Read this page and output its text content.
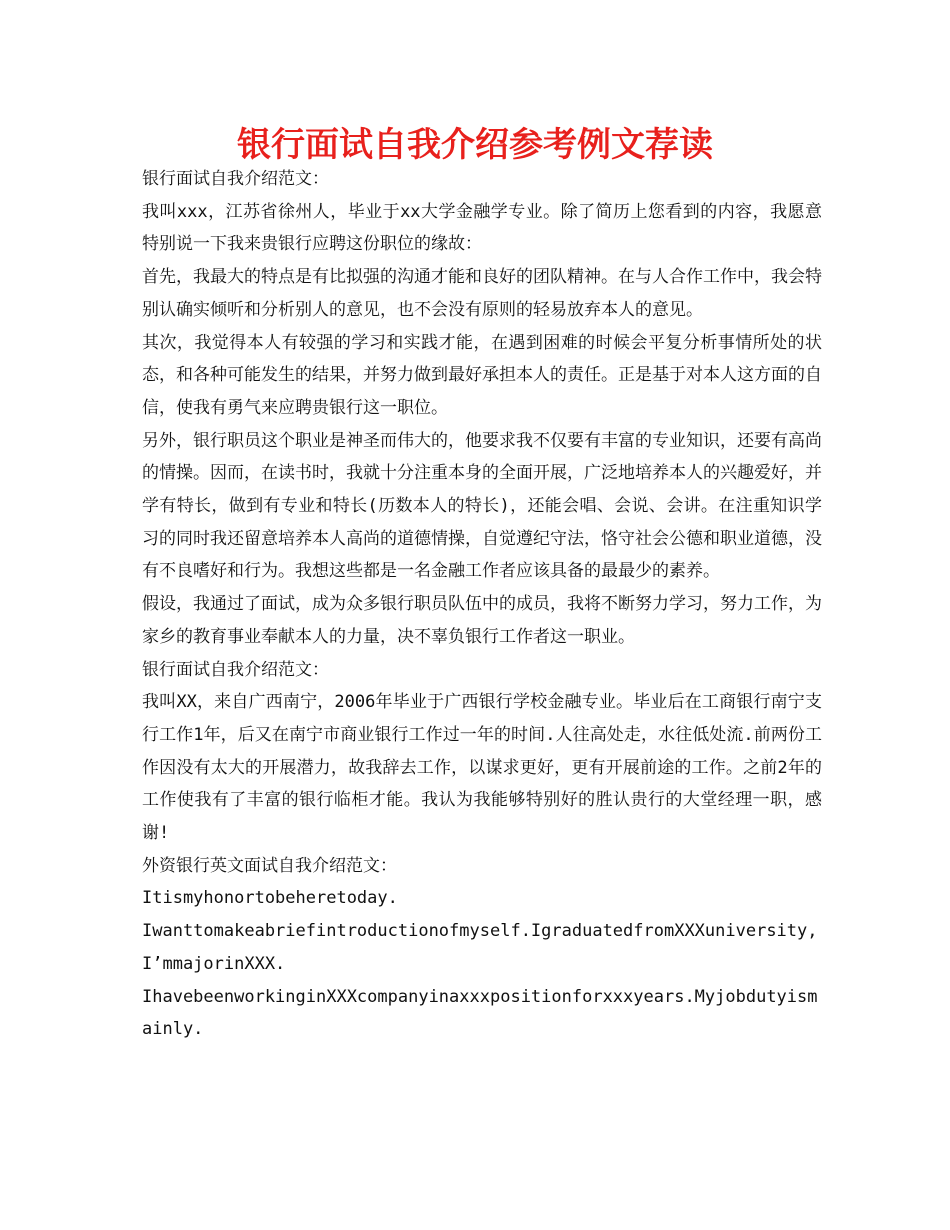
银行面试自我介绍参考例文荐读

银行面试自我介绍范文：

我叫xxx，江苏省徐州人，毕业于xx大学金融学专业。除了简历上您看到的内容，我愿意特别说一下我来贵银行应聘这份职位的缘故：

首先，我最大的特点是有比拟强的沟通才能和良好的团队精神。在与人合作工作中，我会特别认确实倾听和分析别人的意见，也不会没有原则的轻易放弃本人的意见。

其次，我觉得本人有较强的学习和实践才能，在遇到困难的时候会平复分析事情所处的状态，和各种可能发生的结果，并努力做到最好承担本人的责任。正是基于对本人这方面的自信，使我有勇气来应聘贵银行这一职位。

另外，银行职员这个职业是神圣而伟大的，他要求我不仅要有丰富的专业知识，还要有高尚的情操。因而，在读书时，我就十分注重本身的全面开展，广泛地培养本人的兴趣爱好，并学有特长，做到有专业和特长(历数本人的特长)，还能会唱、会说、会讲。在注重知识学习的同时我还留意培养本人高尚的道德情操，自觉遵纪守法，恪守社会公德和职业道德，没有不良嗜好和行为。我想这些都是一名金融工作者应该具备的最最少的素养。

假设，我通过了面试，成为众多银行职员队伍中的成员，我将不断努力学习，努力工作，为家乡的教育事业奉献本人的力量，决不辜负银行工作者这一职业。

银行面试自我介绍范文：

我叫XX，来自广西南宁，2006年毕业于广西银行学校金融专业。毕业后在工商银行南宁支行工作1年，后又在南宁市商业银行工作过一年的时间.人往高处走，水往低处流.前两份工作因没有太大的开展潜力，故我辞去工作，以谋求更好，更有开展前途的工作。之前2年的工作使我有了丰富的银行临柜才能。我认为我能够特别好的胜认贵行的大堂经理一职，感谢!

外资银行英文面试自我介绍范文：

Itismyhonortobeheretoday.

Iwanttomakeabriefintroductionofmyself.IgraduatedfromXXXuniversity,I’mmajorinXXX.

IhavebeenworkinginXXXcompanyinaxxxpositionforxxxyears.Myjobdutyismainly.
